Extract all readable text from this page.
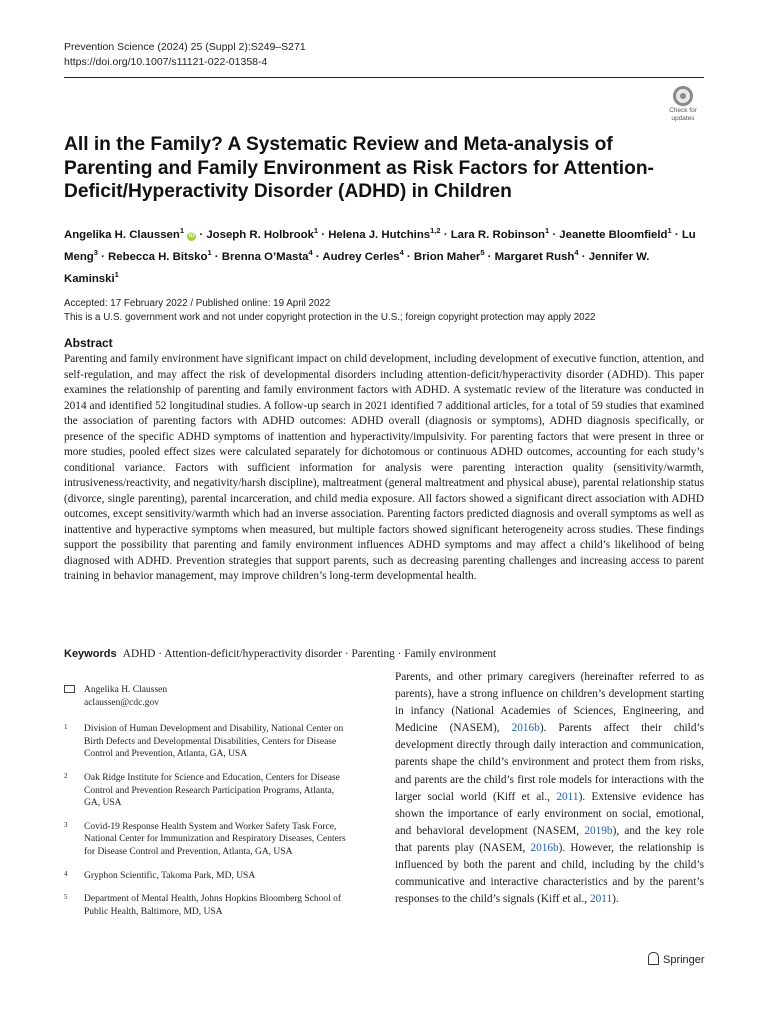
Prevention Science (2024) 25 (Suppl 2):S249–S271
https://doi.org/10.1007/s11121-022-01358-4
Check for
updates
All in the Family? A Systematic Review and Meta-analysis of Parenting and Family Environment as Risk Factors for Attention-Deficit/Hyperactivity Disorder (ADHD) in Children
Angelika H. Claussen$^1$ iD · Joseph R. Holbrook$^1$ · Helena J. Hutchins$^{1,2}$ · Lara R. Robinson$^1$ · Jeanette Bloomfield$^1$ · Lu Meng$^3$ · Rebecca H. Bitsko$^1$ · Brenna O’Masta$^4$ · Audrey Cerles$^4$ · Brion Maher$^5$ · Margaret Rush$^4$ · Jennifer W. Kaminski$^1$
Accepted: 17 February 2022 / Published online: 19 April 2022
This is a U.S. government work and not under copyright protection in the U.S.; foreign copyright protection may apply 2022
Abstract
Parenting and family environment have significant impact on child development, including development of executive function, attention, and self-regulation, and may affect the risk of developmental disorders including attention-deficit/hyperactivity disorder (ADHD). This paper examines the relationship of parenting and family environment factors with ADHD. A systematic review of the literature was conducted in 2014 and identified 52 longitudinal studies. A follow-up search in 2021 identified 7 additional articles, for a total of 59 studies that examined the association of parenting factors with ADHD outcomes: ADHD overall (diagnosis or symptoms), ADHD diagnosis specifically, or presence of the specific ADHD symptoms of inattention and hyperactivity/impulsivity. For parenting factors that were present in three or more studies, pooled effect sizes were calculated separately for dichotomous or continuous ADHD outcomes, accounting for each study’s conditional variance. Factors with sufficient information for analysis were parenting interaction quality (sensitivity/warmth, intrusiveness/reactivity, and negativity/harsh discipline), maltreatment (general maltreatment and physical abuse), parental relationship status (divorce, single parenting), parental incarceration, and child media exposure. All factors showed a significant direct association with ADHD outcomes, except sensitivity/warmth which had an inverse association. Parenting factors predicted diagnosis and overall symptoms as well as inattentive and hyperactive symptoms when measured, but multiple factors showed significant heterogeneity across studies. These findings support the possibility that parenting and family environment influences ADHD symptoms and may affect a child’s likelihood of being diagnosed with ADHD. Prevention strategies that support parents, such as decreasing parenting challenges and increasing access to parent training in behavior management, may improve children’s long-term developmental health.
Keywords ADHD · Attention-deficit/hyperactivity disorder · Parenting · Family environment
Angelika H. Claussen
aclaussen@cdc.gov
1	Division of Human Development and Disability, National Center on Birth Defects and Developmental Disabilities, Centers for Disease Control and Prevention, Atlanta, GA, USA
2	Oak Ridge Institute for Science and Education, Centers for Disease Control and Prevention Research Participation Programs, Atlanta, GA, USA
3	Covid-19 Response Health System and Worker Safety Task Force, National Center for Immunization and Respiratory Diseases, Centers for Disease Control and Prevention, Atlanta, GA, USA
4	Gryphon Scientific, Takoma Park, MD, USA
5	Department of Mental Health, Johns Hopkins Bloomberg School of Public Health, Baltimore, MD, USA
Parents, and other primary caregivers (hereinafter referred to as parents), have a strong influence on children’s development starting in infancy (National Academies of Sciences, Engineering, and Medicine (NASEM), 2016b). Parents affect their child’s development directly through daily interaction and communication, parents shape the child’s environment and protect them from risks, and parents are the child’s first role models for interactions with the larger social world (Kiff et al., 2011). Extensive evidence has shown the importance of early environment on social, emotional, and behavioral development (NASEM, 2019b), and the key role that parents play (NASEM, 2016b). However, the relationship is influenced by both the parent and child, including by the child’s communicative and interactive characteristics and by the parent’s responses to the child’s signals (Kiff et al., 2011).
Springer
